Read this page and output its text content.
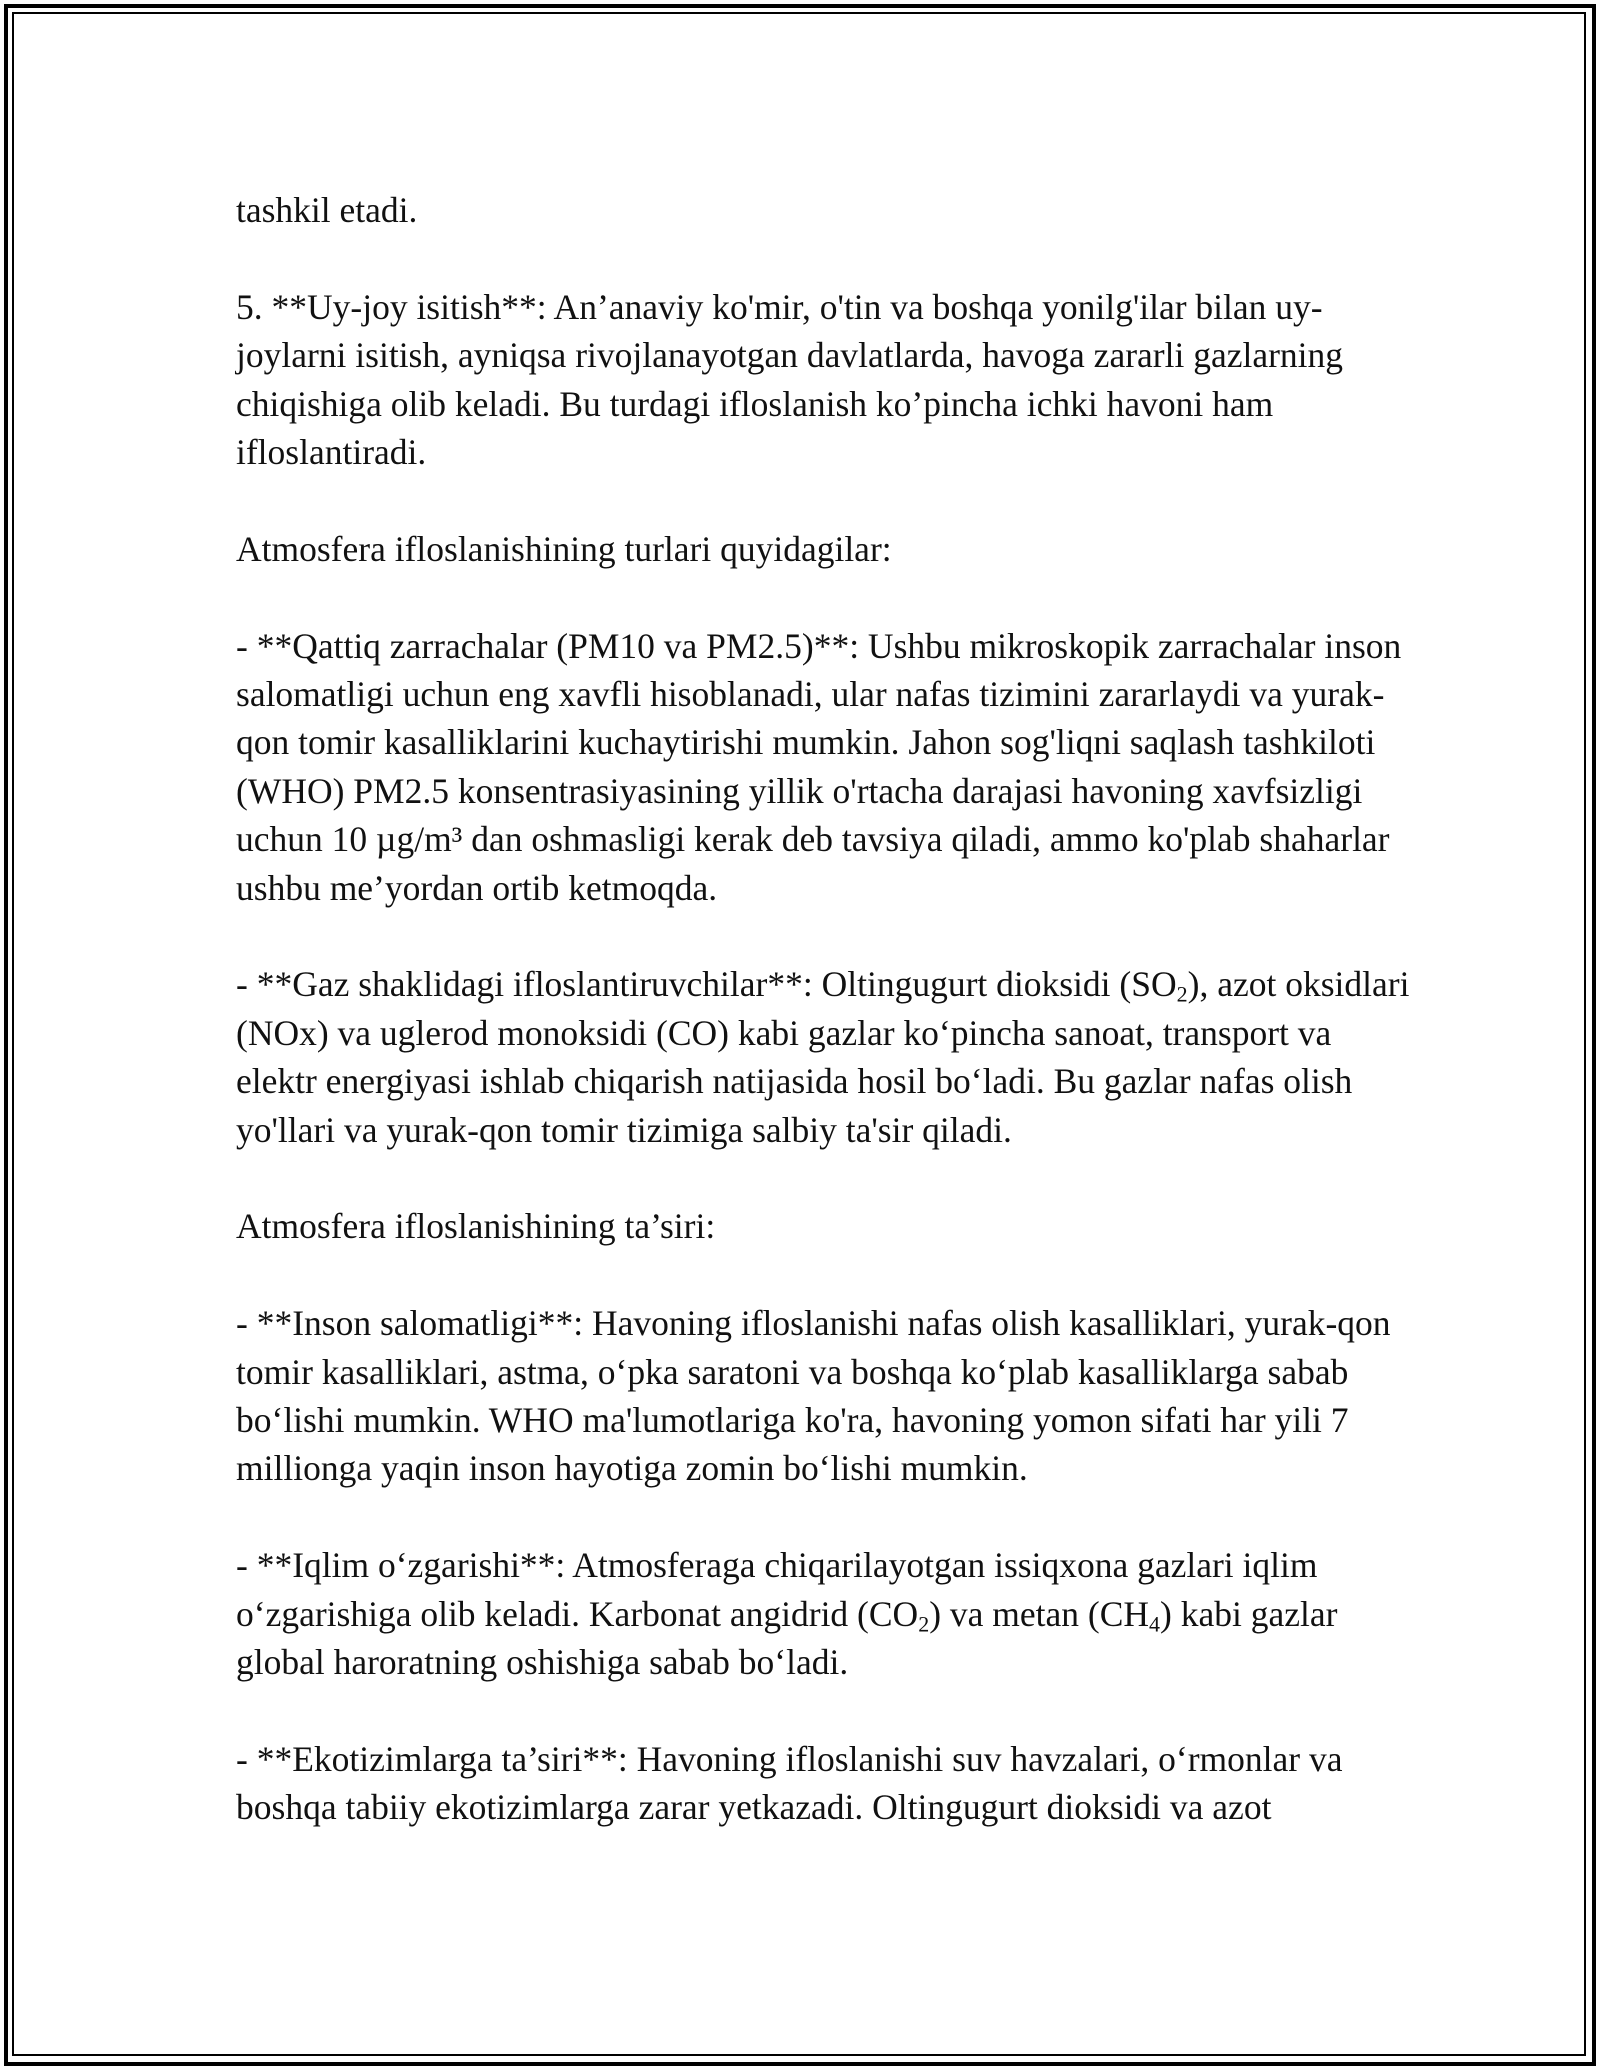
tashkil etadi.

5. **Uy-joy isitish**: An’anaviy ko'mir, o'tin va boshqa yonilg'ilar bilan uy-joylarni isitish, ayniqsa rivojlanayotgan davlatlarda, havoga zararli gazlarning chiqishiga olib keladi. Bu turdagi ifloslanish ko’pincha ichki havoni ham ifloslantiradi.

Atmosfera ifloslanishining turlari quyidagilar:

- **Qattiq zarrachalar (PM10 va PM2.5)**: Ushbu mikroskopik zarrachalar inson salomatligi uchun eng xavfli hisoblanadi, ular nafas tizimini zararlaydi va yurak-qon tomir kasalliklarini kuchaytirishi mumkin. Jahon sog'liqni saqlash tashkiloti (WHO) PM2.5 konsentrasiyasining yillik o'rtacha darajasi havoning xavfsizligi uchun 10 µg/m³ dan oshmasligi kerak deb tavsiya qiladi, ammo ko'plab shaharlar ushbu me’yordan ortib ketmoqda.

- **Gaz shaklidagi ifloslantiruvchilar**: Oltingugurt dioksidi $(SO_2)$, azot oksidlari (NOx) va uglerod monoksidi (CO) kabi gazlar ko‘pincha sanoat, transport va elektr energiyasi ishlab chiqarish natijasida hosil bo‘ladi. Bu gazlar nafas olish yo'llari va yurak-qon tomir tizimiga salbiy ta'sir qiladi.

Atmosfera ifloslanishining ta’siri:

- **Inson salomatligi**: Havoning ifloslanishi nafas olish kasalliklari, yurak-qon tomir kasalliklari, astma, o‘pka saratoni va boshqa ko‘plab kasalliklarga sabab bo‘lishi mumkin. WHO ma'lumotlariga ko'ra, havoning yomon sifati har yili 7 millionga yaqin inson hayotiga zomin bo‘lishi mumkin.

- **Iqlim o‘zgarishi**: Atmosferaga chiqarilayotgan issiqxona gazlari iqlim o‘zgarishiga olib keladi. Karbonat angidrid $(CO_2)$ va metan $(CH_4)$ kabi gazlar global haroratning oshishiga sabab bo‘ladi.

- **Ekotizimlarga ta’siri**: Havoning ifloslanishi suv havzalari, o‘rmonlar va boshqa tabiiy ekotizimlarga zarar yetkazadi. Oltingugurt dioksidi va azot
